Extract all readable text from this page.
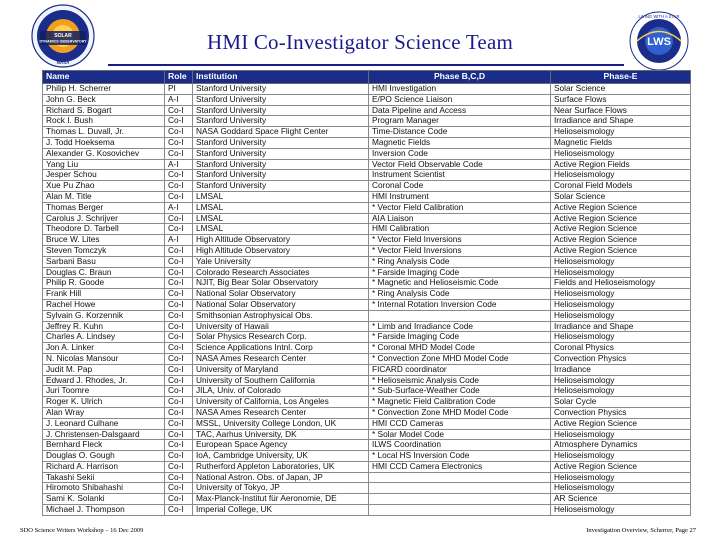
SOLAR
DYNAMICS OBSERVATORY
NASA
HMI Co-Investigator Science Team	LWS
LIVING WITH A STAR
Name	Role	Institution	Phase B,C,D	Phase-E
Philip H. Scherrer	PI	Stanford University	HMI Investigation	Solar Science
John G. Beck	A-I	Stanford University	E/PO Science Liaison	Surface Flows
Richard S. Bogart	Co-I	Stanford University	Data Pipeline and Access	Near Surface Flows
Rock I. Bush	Co-I	Stanford University	Program Manager	Irradiance and Shape
Thomas L. Duvall, Jr.	Co-I	NASA Goddard Space Flight Center	Time-Distance Code	Helioseismology
J. Todd Hoeksema	Co-I	Stanford University	Magnetic Fields	Magnetic Fields
Alexander G. Kosovichev	Co-I	Stanford University	Inversion Code	Helioseismology
Yang Liu	A-I	Stanford University	Vector Field Observable Code	Active Region Fields
Jesper Schou	Co-I	Stanford University	Instrument Scientist	Helioseismology
Xue Pu Zhao	Co-I	Stanford University	Coronal Code	Coronal Field Models
Alan M. Title	Co-I	LMSAL	HMI Instrument	Solar Science
Thomas Berger	A-I	LMSAL	* Vector Field Calibration	Active Region Science
Carolus J. Schrijver	Co-I	LMSAL	AIA Liaison	Active Region Science
Theodore D. Tarbell	Co-I	LMSAL	HMI Calibration	Active Region Science
Bruce W. Lites	A-I	High Altitude Observatory	* Vector Field Inversions	Active Region Science
Steven Tomczyk	Co-I	High Altitude Observatory	* Vector Field Inversions	Active Region Science
Sarbani Basu	Co-I	Yale University	* Ring Analysis Code	Helioseismology
Douglas C. Braun	Co-I	Colorado Research Associates	* Farside Imaging Code	Helioseismology
Philip R. Goode	Co-I	NJIT, Big Bear Solar Observatory	* Magnetic and Helioseismic Code	Fields and Helioseismology
Frank Hill	Co-I	National Solar Observatory	* Ring Analysis Code	Helioseismology
Rachel Howe	Co-I	National Solar Observatory	* Internal Rotation Inversion Code	Helioseismology
Sylvain G. Korzennik	Co-I	Smithsonian Astrophysical Obs.		Helioseismology
Jeffrey R. Kuhn	Co-I	University of Hawaii	* Limb and Irradiance Code	Irradiance and Shape
Charles A. Lindsey	Co-I	Solar Physics Research Corp.	* Farside Imaging Code	Helioseismology
Jon A. Linker	Co-I	Science Applications Intnl. Corp	* Coronal MHD Model Code	Coronal Physics
N. Nicolas Mansour	Co-I	NASA Ames Research Center	* Convection Zone MHD Model Code	Convection Physics
Judit M. Pap	Co-I	University of Maryland	FICARD coordinator	Irradiance
Edward J. Rhodes, Jr.	Co-I	University of Southern California	* Helioseismic Analysis Code	Helioseismology
Juri Toomre	Co-I	JILA, Univ. of Colorado	* Sub-Surface-Weather Code	Helioseismology
Roger K. Ulrich	Co-I	University of California, Los Angeles	* Magnetic Field Calibration Code	Solar Cycle
Alan Wray	Co-I	NASA Ames Research Center	* Convection Zone MHD Model Code	Convection Physics
J. Leonard Culhane	Co-I	MSSL, University College London, UK	HMI CCD Cameras	Active Region Science
J. Christensen-Dalsgaard	Co-I	TAC, Aarhus University, DK	* Solar Model Code	Helioseismology
Bernhard Fleck	Co-I	European Space Agency	ILWS Coordination	Atmosphere Dynamics
Douglas O. Gough	Co-I	IoA, Cambridge University, UK	* Local HS Inversion Code	Helioseismology
Richard A. Harrison	Co-I	Rutherford Appleton Laboratories, UK	HMI CCD Camera Electronics	Active Region Science
Takashi Sekii	Co-I	National Astron. Obs. of Japan, JP		Helioseismology
Hiromoto Shibahashi	Co-I	University of Tokyo, JP		Helioseismology
Sami K. Solanki	Co-I	Max-Planck-Institut für Aeronomie, DE		AR Science
Michael J. Thompson	Co-I	Imperial College, UK		Helioseismology
SDO Science Writers Workshop – 16 Dec 2009	Investigation Overview, Scherrer, Page 27
